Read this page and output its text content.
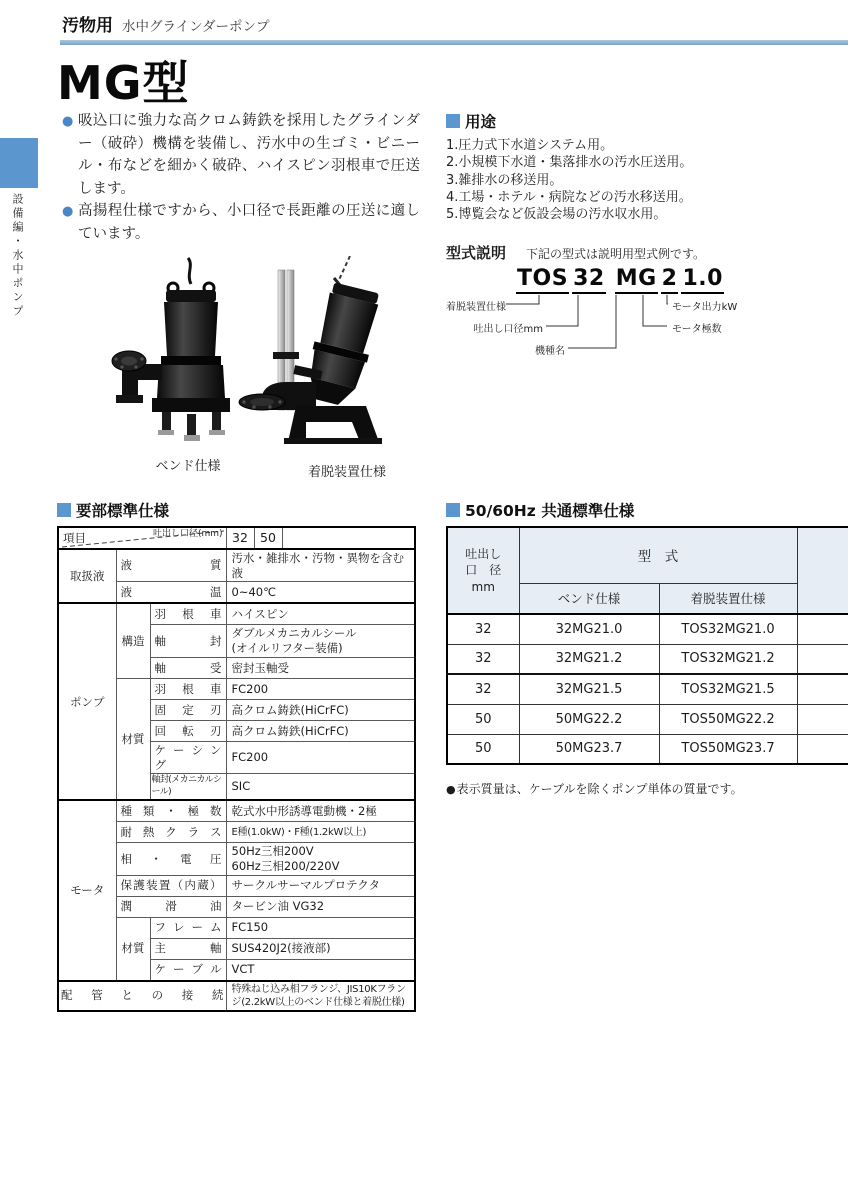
設備編・水中ポンプ
汚物用 水中グラインダーポンプ
MG型
● 吸込口に強力な高クロム鋳鉄を採用したグラインダー（破砕）機構を装備し、汚水中の生ゴミ・ビニール・布などを細かく破砕、ハイスピン羽根車で圧送します。
● 高揚程仕様ですから、小口径で長距離の圧送に適しています。
用途
1.圧力式下水道システム用。
2.小規模下水道・集落排水の汚水圧送用。
3.雑排水の移送用。
4.工場・ホテル・病院などの汚水移送用。
5.博覧会など仮設会場の汚水収水用。
型式説明 下記の型式は説明用型式例です。
TOS 32 MG 2 1.0
着脱装置仕様
吐出し口径mm
機種名
モータ出力kW
モータ極数
ベンド仕様	着脱装置仕様
要部標準仕様
項目 吐出し口径(mm)			32	50	
取扱液	液 質		汚水・雑排水・汚物・異物を含む液		
	液 温		0~40℃		
ポンプ	構造	羽 根 車	ハイスピン		
		軸 封	ダブルメカニカルシール
(オイルリフター装備)		

		軸 受	密封玉軸受		
	材質	羽 根 車	FC200		
		固 定 刃	高クロム鋳鉄(HiCrFC)		
		回 転 刃	高クロム鋳鉄(HiCrFC)		
		ケ ー シ ン グ	FC200		
		軸封(メカニカルシール)	SIC		
モータ	種 類 ・ 極 数		乾式水中形誘導電動機・2極		
	耐 熱 ク ラ ス		E種(1.0kW)・F種(1.2kW以上)		
	相 ・ 電 圧		50Hz三相200V
60Hz三相200/220V		

	保護装置（内蔵）		サークルサーマルプロテクタ		
	潤 滑 油		タービン油 VG32		
	材質	フ レ ー ム	FC150		
		主 軸	SUS420J2(接液部)		
		ケ ー ブ ル	VCT		
配 管 と の 接 続			特殊ねじ込み相フランジ、JIS10Kフランジ(2.2kW以上のベンド仕様と着脱仕様)		
50/60Hz 共通標準仕様
吐出し
口　径
mm	型　式		
	ベンド仕様	着脱装置仕様	
32	32MG21.0	TOS32MG21.0	
32	32MG21.2	TOS32MG21.2	
32	32MG21.5	TOS32MG21.5	
50	50MG22.2	TOS50MG22.2	
50	50MG23.7	TOS50MG23.7	
●表示質量は、ケーブルを除くポンプ単体の質量です。
